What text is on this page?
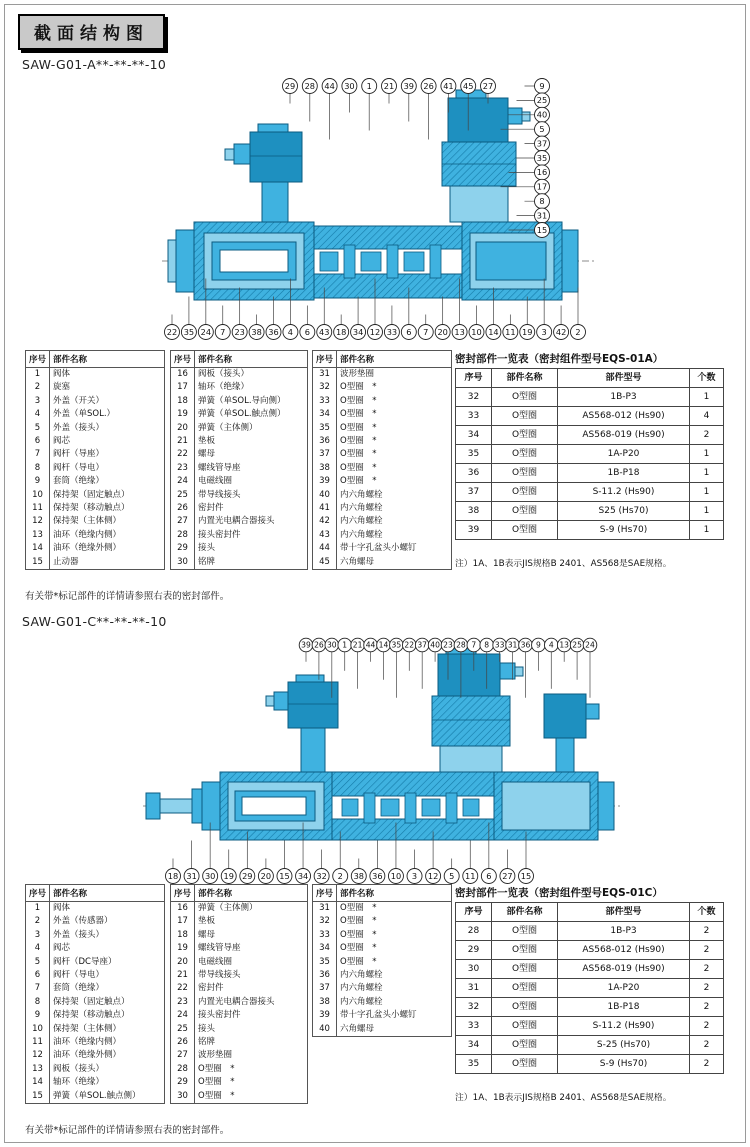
截面结构图
SAW-G01-A**-**-**-10
29 28 44 30 1 21 39 26 41 45 27	9
25
40
5
37
35
16
17
8
31
15
22 35 24 7 23 38 36 4 6 43 18 34 12 33 6 7 20 13 10 14 11 19 3 42 2
序号	部件名称
1	阀体
2	旋塞
3	外盖（开关）
4	外盖（单SOL.）
5	外盖（接头）
6	阀芯
7	阀杆（导座）
8	阀杆（导电）
9	套筒（绝缘）
10	保持架（固定触点）
11	保持架（移动触点）
12	保持架（主体侧）
13	油环（绝缘内侧）
14	油环（绝缘外侧）
15	止动器
序号	部件名称
16	阀板（接头）
17	轴环（绝缘）
18	弹簧（单SOL.导向侧）
19	弹簧（单SOL.触点侧）
20	弹簧（主体侧）
21	垫板
22	螺母
23	螺线管导座
24	电磁线圈
25	带导线接头
26	密封件
27	内置光电耦合器接头
28	接头密封件
29	接头
30	铭牌
序号	部件名称
31	波形垫圈
32	O型圈　*
33	O型圈　*
34	O型圈　*
35	O型圈　*
36	O型圈　*
37	O型圈　*
38	O型圈　*
39	O型圈　*
40	内六角螺栓
41	内六角螺栓
42	内六角螺栓
43	内六角螺栓
44	带十字孔盆头小螺钉
45	六角螺母
密封部件一览表（密封组件型号EQS-01A）
序号	部件名称	部件型号	个数
32	O型圈	1B-P3	1
33	O型圈	AS568-012 (Hs90)	4
34	O型圈	AS568-019 (Hs90)	2
35	O型圈	1A-P20	1
36	O型圈	1B-P18	1
37	O型圈	S-11.2 (Hs90)	1
38	O型圈	S25 (Hs70)	1
39	O型圈	S-9 (Hs70)	1
注）1A、1B表示JIS规格B 2401、AS568是SAE规格。
有关带*标记部件的详情请参照右表的密封部件。
SAW-G01-C**-**-**-10
39 26 30 1 21 44 14 35 22 37 40 23 28 7 8 33 31 36 9 4 13 25 24
18 31 30 19 29 20 15 34 32 2 38 36 10 3 12 5 11 6 27 15
序号	部件名称
1	阀体
2	外盖（传感器）
3	外盖（接头）
4	阀芯
5	阀杆（DC导座）
6	阀杆（导电）
7	套筒（绝缘）
8	保持架（固定触点）
9	保持架（移动触点）
10	保持架（主体侧）
11	油环（绝缘内侧）
12	油环（绝缘外侧）
13	阀板（接头）
14	轴环（绝缘）
15	弹簧（单SOL.触点侧）
序号	部件名称
16	弹簧（主体侧）
17	垫板
18	螺母
19	螺线管导座
20	电磁线圈
21	带导线接头
22	密封件
23	内置光电耦合器接头
24	接头密封件
25	接头
26	铭牌
27	波形垫圈
28	O型圈　*
29	O型圈　*
30	O型圈　*
序号	部件名称
31	O型圈　*
32	O型圈　*
33	O型圈　*
34	O型圈　*
35	O型圈　*
36	内六角螺栓
37	内六角螺栓
38	内六角螺栓
39	带十字孔盆头小螺钉
40	六角螺母
密封部件一览表（密封组件型号EQS-01C）
序号	部件名称	部件型号	个数
28	O型圈	1B-P3	2
29	O型圈	AS568-012 (Hs90)	2
30	O型圈	AS568-019 (Hs90)	2
31	O型圈	1A-P20	2
32	O型圈	1B-P18	2
33	O型圈	S-11.2 (Hs90)	2
34	O型圈	S-25 (Hs70)	2
35	O型圈	S-9 (Hs70)	2
注）1A、1B表示JIS规格B 2401、AS568是SAE规格。
有关带*标记部件的详情请参照右表的密封部件。
